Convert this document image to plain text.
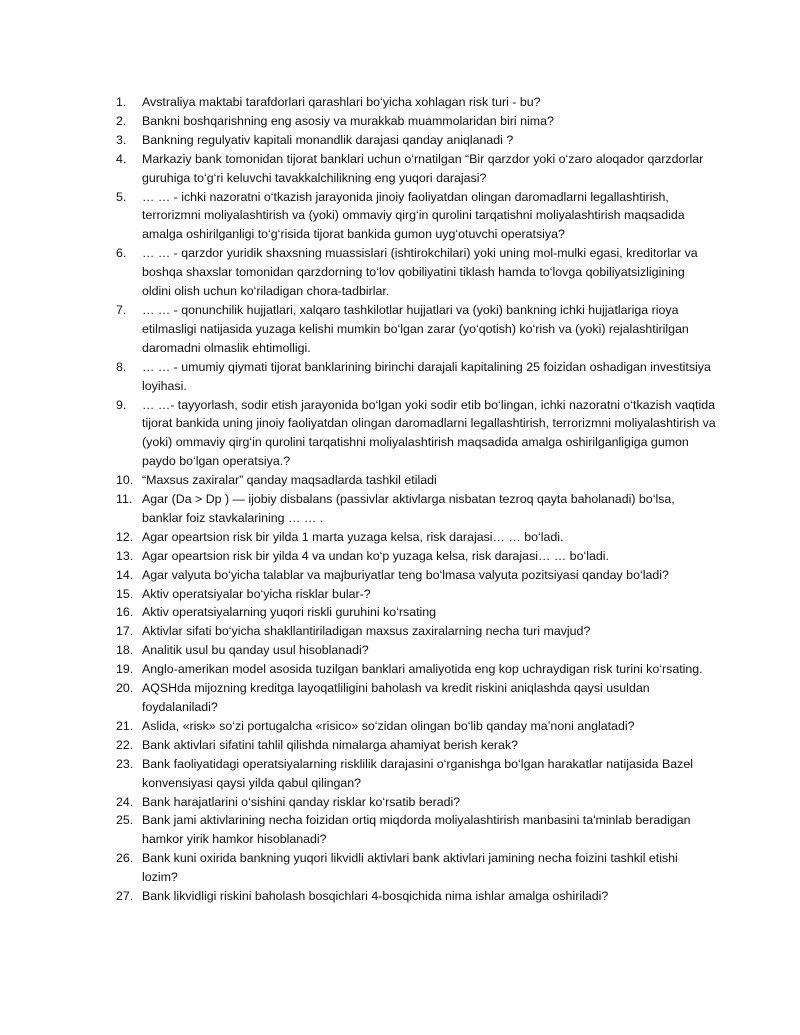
1.	Avstraliya maktabi tarafdorlari qarashlari bo‘yicha xohlagan risk turi - bu?
2.	Bankni boshqarishning eng asosiy va murakkab muammolaridan biri nima?
3.	Bankning regulyativ kapitali monandlik darajasi qanday aniqlanadi ?
4.	Markaziy bank tomonidan tijorat banklari uchun o‘rnatilgan “Bir qarzdor yoki o‘zaro aloqador qarzdorlar guruhiga to‘g‘ri keluvchi tavakkalchilikning eng yuqori darajasi?
5.	… … - ichki nazoratni o‘tkazish jarayonida jinoiy faoliyatdan olingan daromadlarni legallashtirish, terrorizmni moliyalashtirish va (yoki) ommaviy qirg‘in qurolini tarqatishni moliyalashtirish maqsadida amalga oshirilganligi to‘g‘risida tijorat bankida gumon uyg‘otuvchi operatsiya?
6.	… … - qarzdor yuridik shaxsning muassislari (ishtirokchilari) yoki uning mol-mulki egasi, kreditorlar va boshqa shaxslar tomonidan qarzdorning to‘lov qobiliyatini tiklash hamda to‘lovga qobiliyatsizligining oldini olish uchun ko‘riladigan chora-tadbirlar.
7.	… … - qonunchilik hujjatlari, xalqaro tashkilotlar hujjatlari va (yoki) bankning ichki hujjatlariga rioya etilmasligi natijasida yuzaga kelishi mumkin bo‘lgan zarar (yo‘qotish) ko‘rish va (yoki) rejalashtirilgan daromadni olmaslik ehtimolligi.
8.	… … - umumiy qiymati tijorat banklarining birinchi darajali kapitalining 25 foizidan oshadigan investitsiya loyihasi.
9.	… …- tayyorlash, sodir etish jarayonida bo‘lgan yoki sodir etib bo‘lingan, ichki nazoratni o‘tkazish vaqtida tijorat bankida uning jinoiy faoliyatdan olingan daromadlarni legallashtirish, terrorizmni moliyalashtirish va (yoki) ommaviy qirg‘in qurolini tarqatishni moliyalashtirish maqsadida amalga oshirilganligiga gumon paydo bo‘lgan operatsiya.?
10. “Maxsus zaxiralar” qanday maqsadlarda tashkil etiladi
11. Agar (Da > Dp ) — ijobiy disbalans (passivlar aktivlarga nisbatan tezroq qayta baholanadi) bo‘lsa, banklar foiz stavkalarining … … .
12. Agar opeartsion risk bir yilda 1 marta yuzaga kelsa, risk darajasi… … bo‘ladi.
13. Agar opeartsion risk bir yilda 4 va undan ko‘p yuzaga kelsa, risk darajasi… … bo‘ladi.
14. Agar valyuta bo‘yicha talablar va majburiyatlar teng bo‘lmasa valyuta pozitsiyasi qanday bo‘ladi?
15. Aktiv operatsiyalar bo‘yicha risklar bular-?
16. Aktiv operatsiyalarning yuqori riskli guruhini ko‘rsating
17. Aktivlar sifati bo‘yicha shakllantiriladigan maxsus zaxiralarning necha turi mavjud?
18. Analitik usul bu qanday usul hisoblanadi?
19. Anglo-amerikan model asosida tuzilgan banklari amaliyotida eng kop uchraydigan risk turini ko‘rsating.
20. AQSHda mijozning kreditga layoqatliligini baholash va kredit riskini aniqlashda qaysi usuldan foydalaniladi?
21. Aslida, «risk» so‘zi portugalcha «risico» so‘zidan olingan bo‘lib qanday ma’noni anglatadi?
22. Bank aktivlari sifatini tahlil qilishda nimalarga ahamiyat berish kerak?
23. Bank faoliyatidagi operatsiyalarning risklilik darajasini o‘rganishga bo‘lgan harakatlar natijasida Bazel konvensiyasi qaysi yilda qabul qilingan?
24. Bank harajatlarini o‘sishini qanday risklar ko‘rsatib beradi?
25. Bank jami aktivlarining necha foizidan ortiq miqdorda moliyalashtirish manbasini ta'minlab beradigan hamkor yirik hamkor hisoblanadi?
26. Bank kuni oxirida bankning yuqori likvidli aktivlari bank aktivlari jamining necha foizini tashkil etishi lozim?
27. Bank likvidligi riskini baholash bosqichlari 4-bosqichida nima ishlar amalga oshiriladi?
